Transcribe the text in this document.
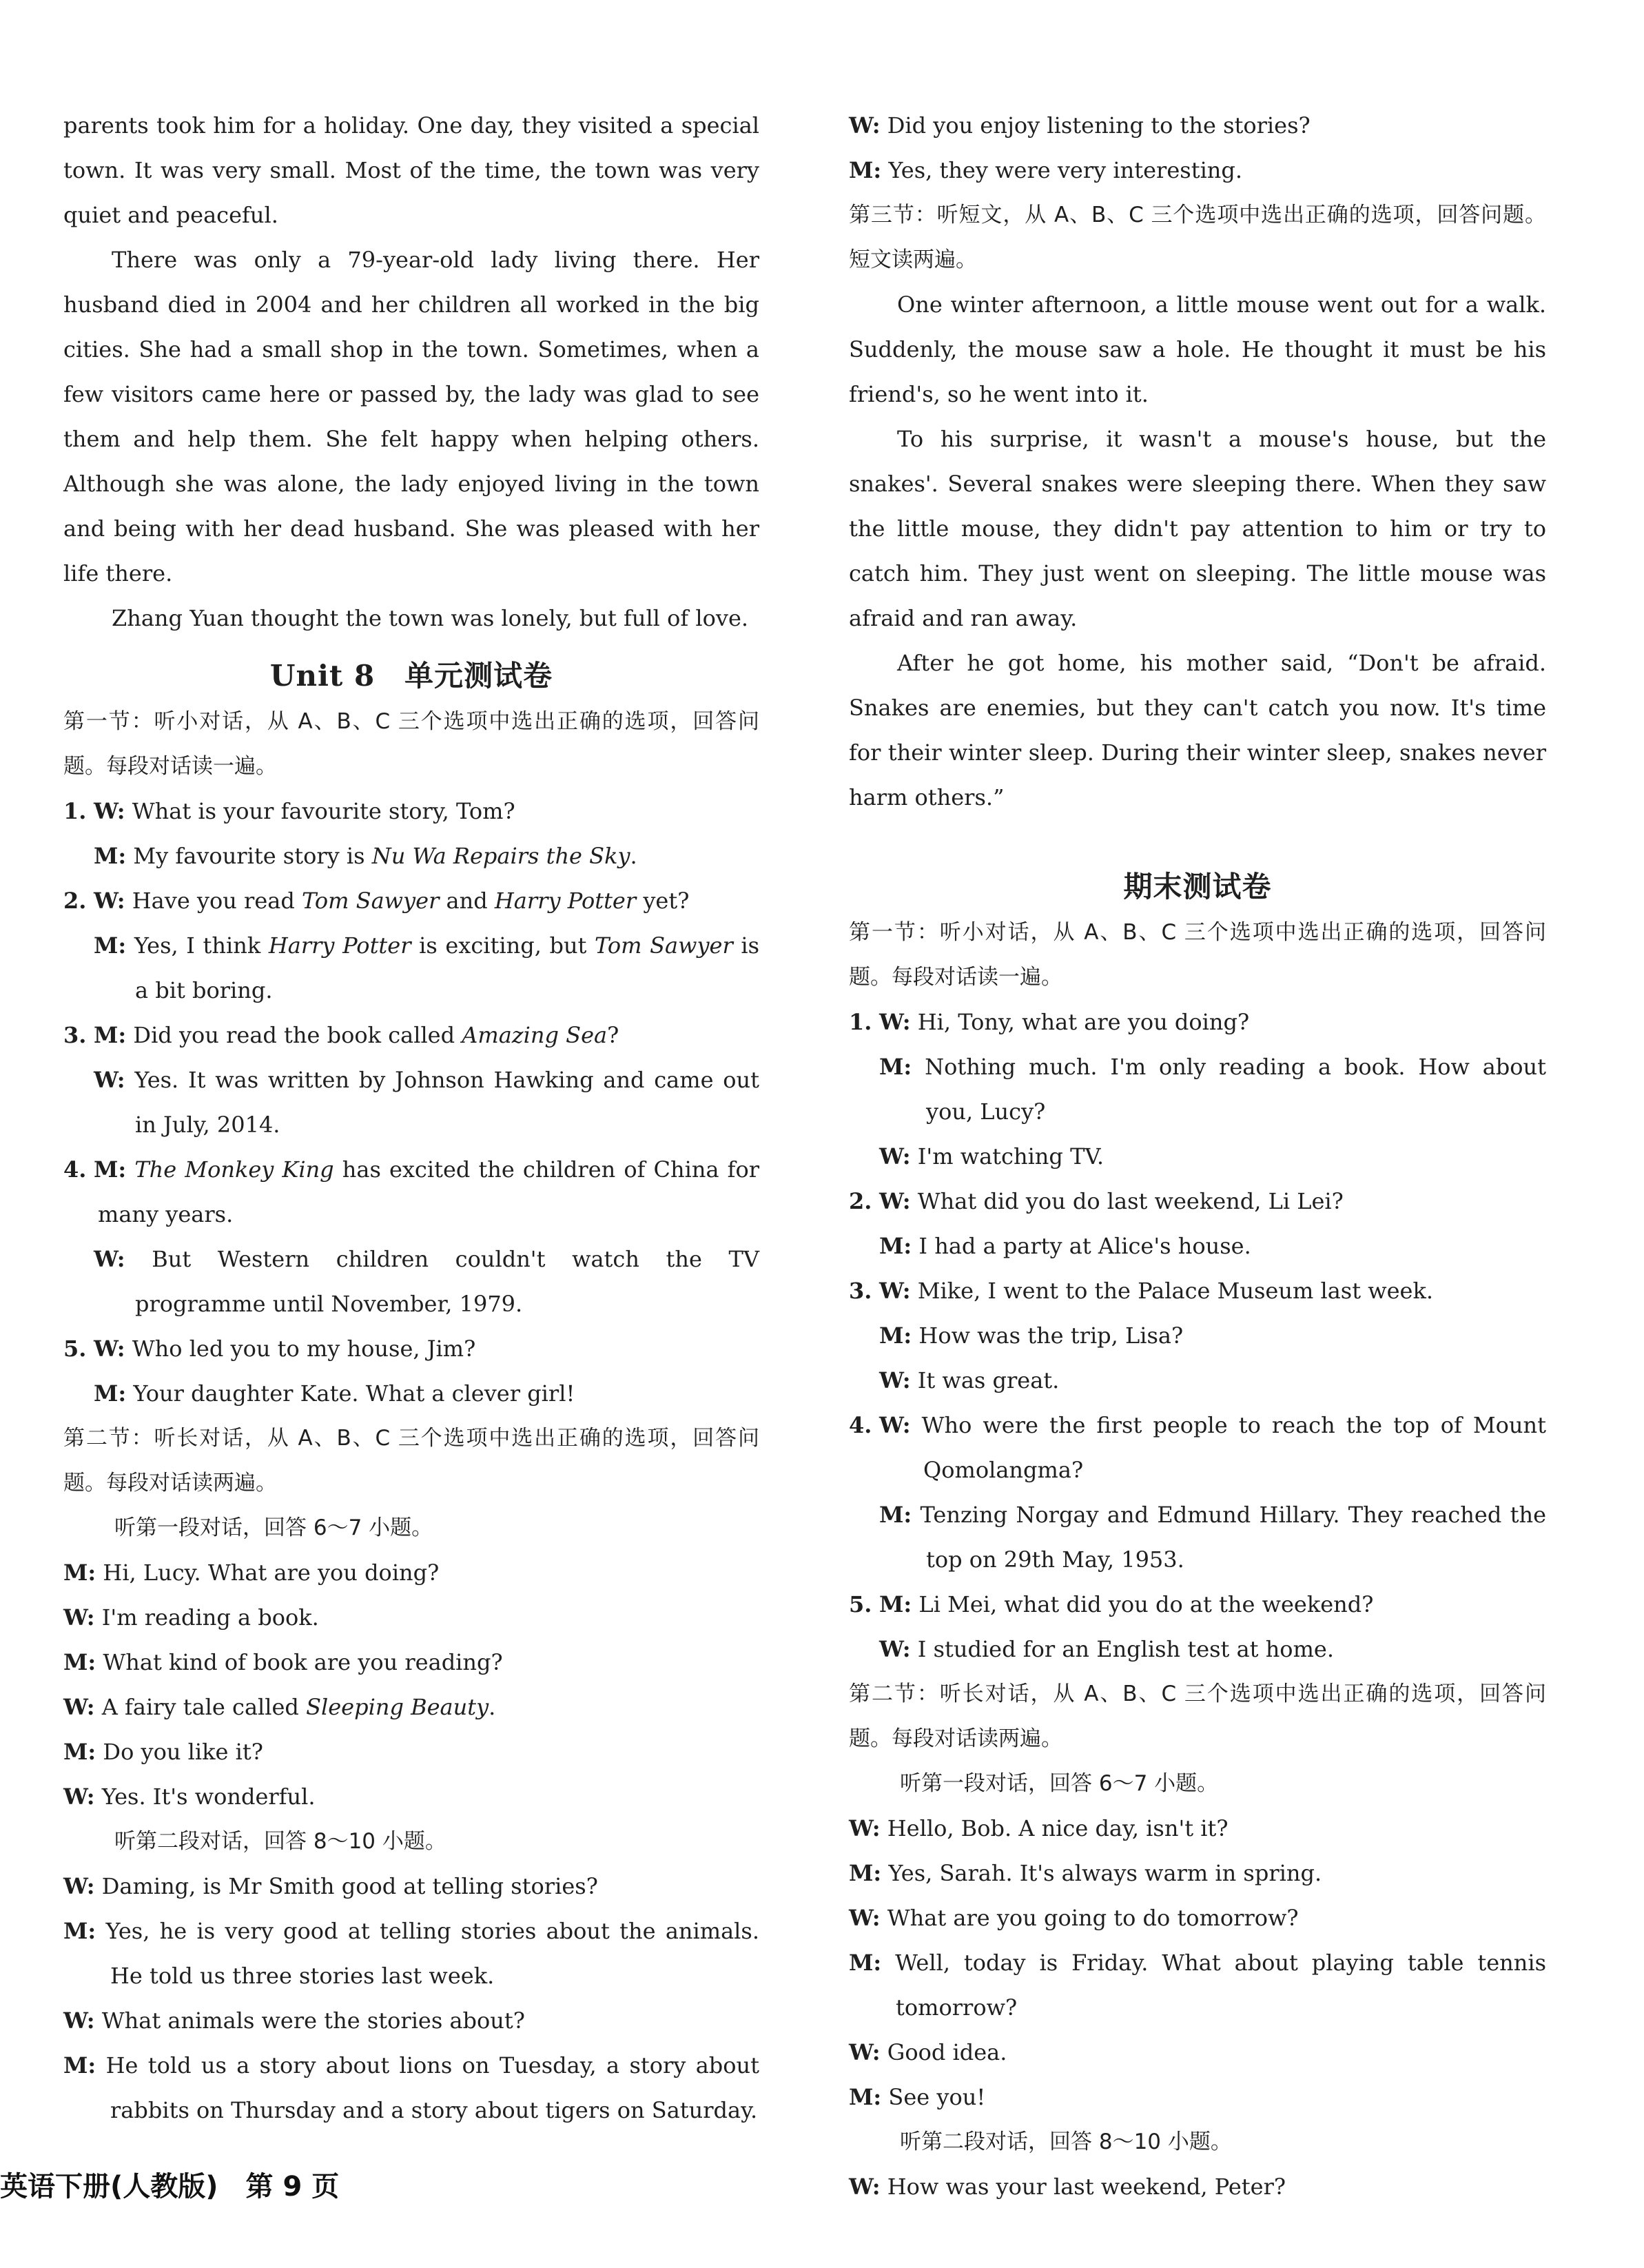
parents took him for a holiday. One day, they visited a special town. It was very small. Most of the time, the town was very quiet and peaceful.

There was only a 79-year-old lady living there. Her husband died in 2004 and her children all worked in the big cities. She had a small shop in the town. Sometimes, when a few visitors came here or passed by, the lady was glad to see them and help them. She felt happy when helping others. Although she was alone, the lady enjoyed living in the town and being with her dead husband. She was pleased with her life there.

Zhang Yuan thought the town was lonely, but full of love.

Unit 8　单元测试卷

第一节：听小对话，从 A、B、C 三个选项中选出正确的选项，回答问题。每段对话读一遍。

1. W: What is your favourite story, Tom?

M: My favourite story is Nu Wa Repairs the Sky.

2. W: Have you read Tom Sawyer and Harry Potter yet?

M: Yes, I think Harry Potter is exciting, but Tom Sawyer is a bit boring.

3. M: Did you read the book called Amazing Sea?

W: Yes. It was written by Johnson Hawking and came out in July, 2014.

4. M: The Monkey King has excited the children of China for many years.

W: But Western children couldn't watch the TV programme until November, 1979.

5. W: Who led you to my house, Jim?

M: Your daughter Kate. What a clever girl!

第二节：听长对话，从 A、B、C 三个选项中选出正确的选项，回答问题。每段对话读两遍。

听第一段对话，回答 6～7 小题。

M: Hi, Lucy. What are you doing?

W: I'm reading a book.

M: What kind of book are you reading?

W: A fairy tale called Sleeping Beauty.

M: Do you like it?

W: Yes. It's wonderful.

听第二段对话，回答 8～10 小题。

W: Daming, is Mr Smith good at telling stories?

M: Yes, he is very good at telling stories about the animals. He told us three stories last week.

W: What animals were the stories about?

M: He told us a story about lions on Tuesday, a story about rabbits on Thursday and a story about tigers on Saturday.

W: Did you enjoy listening to the stories?

M: Yes, they were very interesting.

第三节：听短文，从 A、B、C 三个选项中选出正确的选项，回答问题。短文读两遍。

One winter afternoon, a little mouse went out for a walk. Suddenly, the mouse saw a hole. He thought it must be his friend's, so he went into it.

To his surprise, it wasn't a mouse's house, but the snakes'. Several snakes were sleeping there. When they saw the little mouse, they didn't pay attention to him or try to catch him. They just went on sleeping. The little mouse was afraid and ran away.

After he got home, his mother said, “Don't be afraid. Snakes are enemies, but they can't catch you now. It's time for their winter sleep. During their winter sleep, snakes never harm others.”

期末测试卷

第一节：听小对话，从 A、B、C 三个选项中选出正确的选项，回答问题。每段对话读一遍。

1. W: Hi, Tony, what are you doing?

M: Nothing much. I'm only reading a book. How about you, Lucy?

W: I'm watching TV.

2. W: What did you do last weekend, Li Lei?

M: I had a party at Alice's house.

3. W: Mike, I went to the Palace Museum last week.

M: How was the trip, Lisa?

W: It was great.

4. W: Who were the first people to reach the top of Mount Qomolangma?

M: Tenzing Norgay and Edmund Hillary. They reached the top on 29th May, 1953.

5. M: Li Mei, what did you do at the weekend?

W: I studied for an English test at home.

第二节：听长对话，从 A、B、C 三个选项中选出正确的选项，回答问题。每段对话读两遍。

听第一段对话，回答 6～7 小题。

W: Hello, Bob. A nice day, isn't it?

M: Yes, Sarah. It's always warm in spring.

W: What are you going to do tomorrow?

M: Well, today is Friday. What about playing table tennis tomorrow?

W: Good idea.

M: See you!

听第二段对话，回答 8～10 小题。

W: How was your last weekend, Peter?

英语下册(人教版)　第 9 页
